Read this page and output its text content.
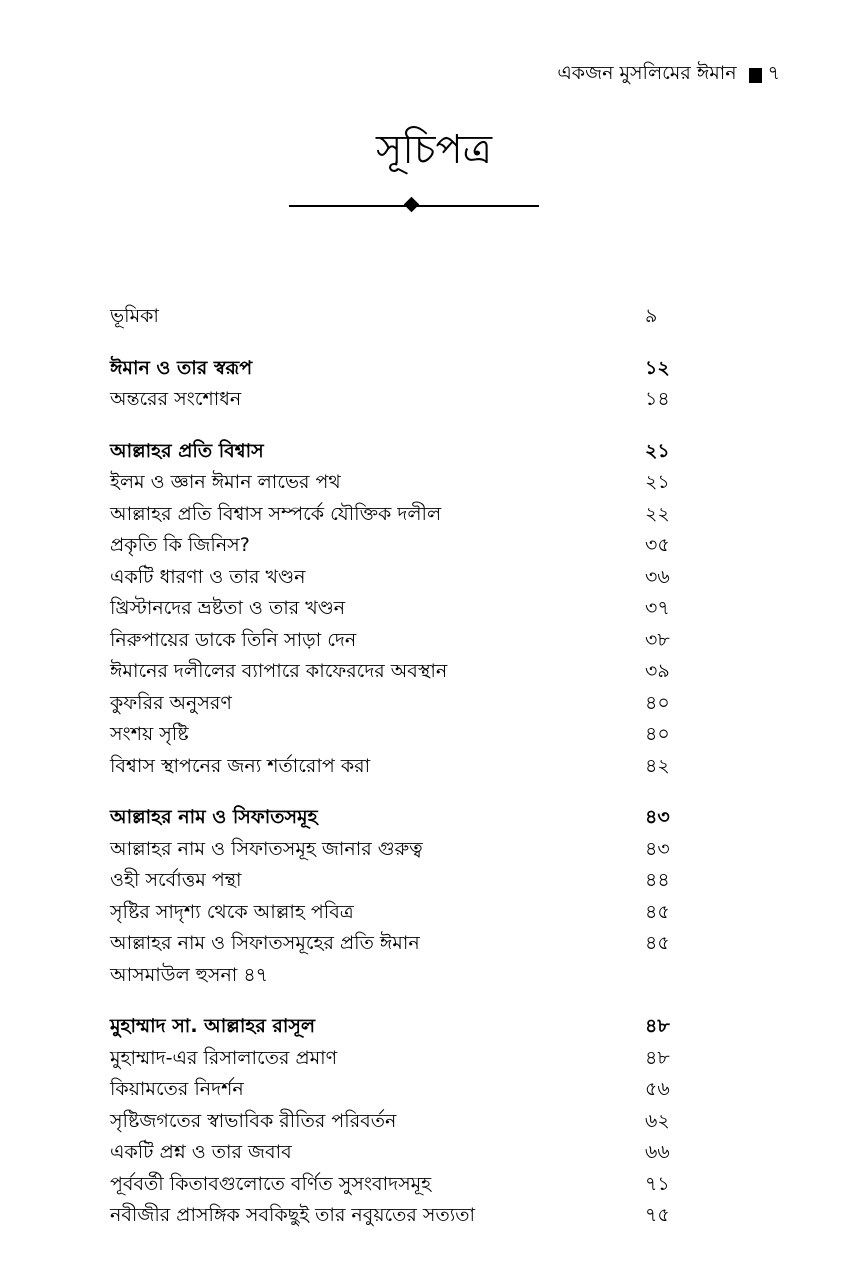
একজন মুসলিমের ঈমান ৭
সূচিপত্র
ভূমিকা	৯
ঈমান ও তার স্বরূপ	১২
অন্তরের সংশোধন	১৪
আল্লাহর প্রতি বিশ্বাস	২১
ইলম ও জ্ঞান ঈমান লাভের পথ	২১
আল্লাহর প্রতি বিশ্বাস সম্পর্কে যৌক্তিক দলীল	২২
প্রকৃতি কি জিনিস?	৩৫
একটি ধারণা ও তার খণ্ডন	৩৬
খ্রিস্টানদের ভ্রষ্টতা ও তার খণ্ডন	৩৭
নিরুপায়ের ডাকে তিনি সাড়া দেন	৩৮
ঈমানের দলীলের ব্যাপারে কাফেরদের অবস্থান	৩৯
কুফরির অনুসরণ	৪০
সংশয় সৃষ্টি	৪০
বিশ্বাস স্থাপনের জন্য শর্তারোপ করা	৪২
আল্লাহর নাম ও সিফাতসমূহ	৪৩
আল্লাহর নাম ও সিফাতসমূহ জানার গুরুত্ব	৪৩
ওহী সর্বোত্তম পন্থা	৪৪
সৃষ্টির সাদৃশ্য থেকে আল্লাহ পবিত্র	৪৫
আল্লাহর নাম ও সিফাতসমূহের প্রতি ঈমান	৪৫
আসমাউল হুসনা ৪৭
মুহাম্মাদ সা. আল্লাহর রাসূল	৪৮
মুহাম্মাদ-এর রিসালাতের প্রমাণ	৪৮
কিয়ামতের নিদর্শন	৫৬
সৃষ্টিজগতের স্বাভাবিক রীতির পরিবর্তন	৬২
একটি প্রশ্ন ও তার জবাব	৬৬
পূর্ববর্তী কিতাবগুলোতে বর্ণিত সুসংবাদসমূহ	৭১
নবীজীর প্রাসঙ্গিক সবকিছুই তার নবুয়তের সত্যতা	৭৫
